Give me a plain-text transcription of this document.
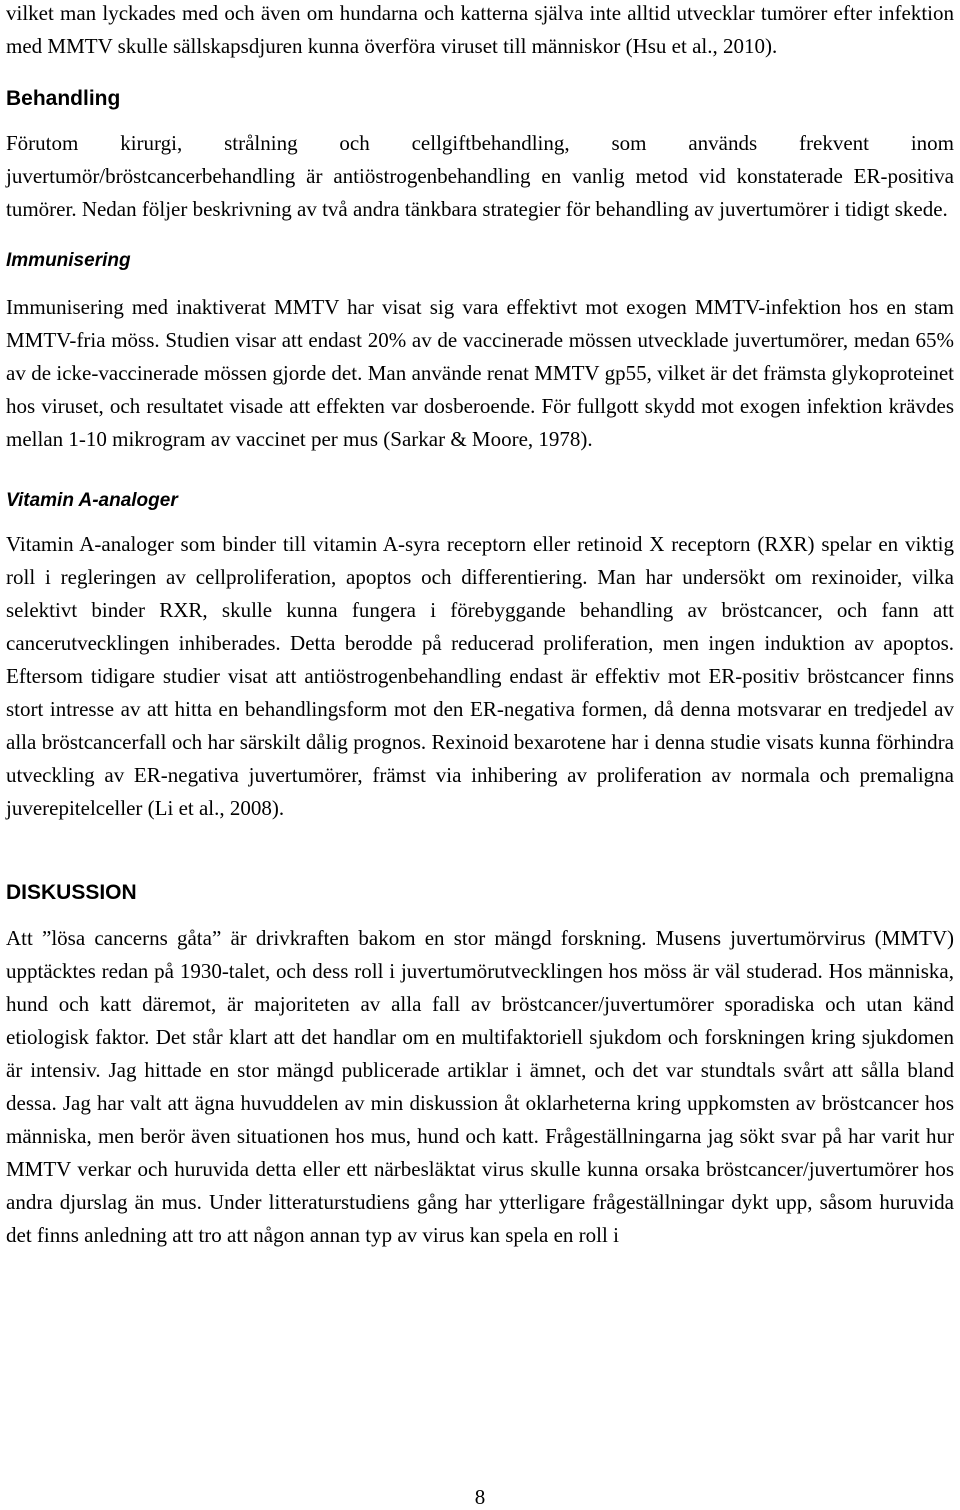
vilket man lyckades med och även om hundarna och katterna själva inte alltid utvecklar tumörer efter infektion med MMTV skulle sällskapsdjuren kunna överföra viruset till människor (Hsu et al., 2010).

Behandling

Förutom kirurgi, strålning och cellgiftbehandling, som används frekvent inom juvertumör/bröstcancerbehandling är antiöstrogenbehandling en vanlig metod vid konstaterade ER-positiva tumörer. Nedan följer beskrivning av två andra tänkbara strategier för behandling av juvertumörer i tidigt skede.

Immunisering

Immunisering med inaktiverat MMTV har visat sig vara effektivt mot exogen MMTV-infektion hos en stam MMTV-fria möss. Studien visar att endast 20% av de vaccinerade mössen utvecklade juvertumörer, medan 65% av de icke-vaccinerade mössen gjorde det. Man använde renat MMTV gp55, vilket är det främsta glykoproteinet hos viruset, och resultatet visade att effekten var dosberoende. För fullgott skydd mot exogen infektion krävdes mellan 1-10 mikrogram av vaccinet per mus (Sarkar & Moore, 1978).

Vitamin A-analoger

Vitamin A-analoger som binder till vitamin A-syra receptorn eller retinoid X receptorn (RXR) spelar en viktig roll i regleringen av cellproliferation, apoptos och differentiering. Man har undersökt om rexinoider, vilka selektivt binder RXR, skulle kunna fungera i förebyggande behandling av bröstcancer, och fann att cancerutvecklingen inhiberades. Detta berodde på reducerad proliferation, men ingen induktion av apoptos. Eftersom tidigare studier visat att antiöstrogenbehandling endast är effektiv mot ER-positiv bröstcancer finns stort intresse av att hitta en behandlingsform mot den ER-negativa formen, då denna motsvarar en tredjedel av alla bröstcancerfall och har särskilt dålig prognos. Rexinoid bexarotene har i denna studie visats kunna förhindra utveckling av ER-negativa juvertumörer, främst via inhibering av proliferation av normala och premaligna juverepitelceller (Li et al., 2008).

DISKUSSION

Att ”lösa cancerns gåta” är drivkraften bakom en stor mängd forskning. Musens juvertumörvirus (MMTV) upptäcktes redan på 1930-talet, och dess roll i juvertumörutvecklingen hos möss är väl studerad. Hos människa, hund och katt däremot, är majoriteten av alla fall av bröstcancer/juvertumörer sporadiska och utan känd etiologisk faktor. Det står klart att det handlar om en multifaktoriell sjukdom och forskningen kring sjukdomen är intensiv. Jag hittade en stor mängd publicerade artiklar i ämnet, och det var stundtals svårt att sålla bland dessa. Jag har valt att ägna huvuddelen av min diskussion åt oklarheterna kring uppkomsten av bröstcancer hos människa, men berör även situationen hos mus, hund och katt. Frågeställningarna jag sökt svar på har varit hur MMTV verkar och huruvida detta eller ett närbesläktat virus skulle kunna orsaka bröstcancer/juvertumörer hos andra djurslag än mus. Under litteraturstudiens gång har ytterligare frågeställningar dykt upp, såsom huruvida det finns anledning att tro att någon annan typ av virus kan spela en roll i

8
